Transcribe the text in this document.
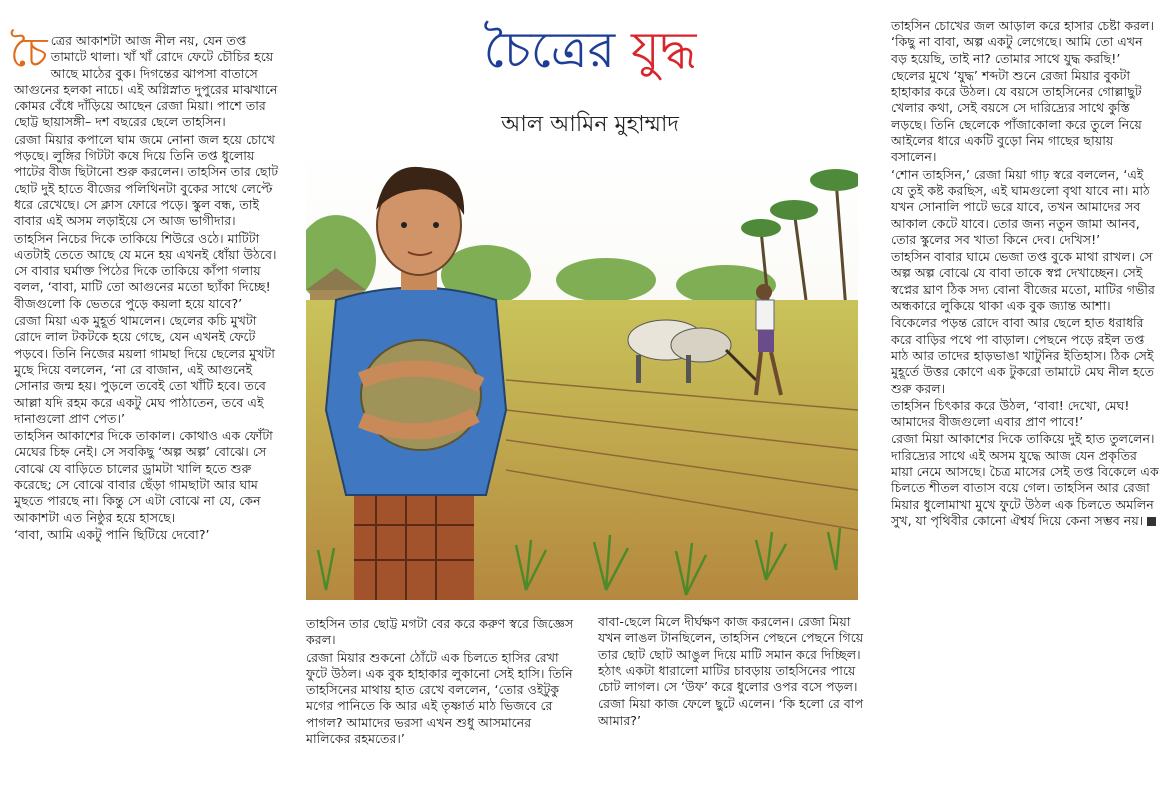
চৈত্রের আকাশটা আজ নীল নয়, যেন তপ্ত তামাটে থালা। খাঁ খাঁ রোদে ফেটে চৌচির হয়ে আছে মাঠের বুক। দিগন্তের ঝাপসা বাতাসে আগুনের হলকা নাচে। এই অগ্নিস্নাত দুপুরের মাঝখানে কোমর বেঁধে দাঁড়িয়ে আছেন রেজা মিয়া। পাশে তার ছোট্ট ছায়াসঙ্গী– দশ বছরের ছেলে তাহসিন।

রেজা মিয়ার কপালে ঘাম জমে নোনা জল হয়ে চোখে পড়ছে। লুঙ্গির গিটটা কষে দিয়ে তিনি তপ্ত ধুলোয় পাটের বীজ ছিটানো শুরু করলেন। তাহসিন তার ছোট ছোট দুই হাতে বীজের পলিথিনটা বুকের সাথে লেপ্টে ধরে রেখেছে। সে ক্লাস ফোরে পড়ে। স্কুল বন্ধ, তাই বাবার এই অসম লড়াইয়ে সে আজ ভাগীদার।

তাহসিন নিচের দিকে তাকিয়ে শিউরে ওঠে। মাটিটা এতটাই তেতে আছে যে মনে হয় এখনই ধোঁয়া উঠবে। সে বাবার ঘর্মাক্ত পিঠের দিকে তাকিয়ে কাঁপা গলায় বলল, ‘বাবা, মাটি তো আগুনের মতো ছ্যাঁকা দিচ্ছে! বীজগুলো কি ভেতরে পুড়ে কয়লা হয়ে যাবে?’

রেজা মিয়া এক মুহূর্ত থামলেন। ছেলের কচি মুখটা রোদে লাল টকটকে হয়ে গেছে, যেন এখনই ফেটে পড়বে। তিনি নিজের ময়লা গামছা দিয়ে ছেলের মুখটা মুছে দিয়ে বললেন, ‘না রে বাজান, এই আগুনেই সোনার জন্ম হয়। পুড়লে তবেই তো খাঁটি হবে। তবে আল্লা যদি রহম করে একটু মেঘ পাঠাতেন, তবে এই দানাগুলো প্রাণ পেত।’

তাহসিন আকাশের দিকে তাকাল। কোথাও এক ফোঁটা মেঘের চিহ্ন নেই। সে সবকিছু ‘অল্প অল্প’ বোঝে। সে বোঝে যে বাড়িতে চালের ড্রামটা খালি হতে শুরু করেছে; সে বোঝে বাবার ছেঁড়া গামছাটা আর ঘাম মুছতে পারছে না। কিন্তু সে এটা বোঝে না যে, কেন আকাশটা এত নিষ্ঠুর হয়ে হাসছে।

‘বাবা, আমি একটু পানি ছিটিয়ে দেবো?’

চৈত্রের যুদ্ধ
আল আমিন মুহাম্মাদ

তাহসিন তার ছোট্ট মগটা বের করে করুণ স্বরে জিজ্ঞেস করল।

রেজা মিয়ার শুকনো ঠোঁটে এক চিলতে হাসির রেখা ফুটে উঠল। এক বুক হাহাকার লুকানো সেই হাসি। তিনি তাহসিনের মাথায় হাত রেখে বললেন, ‘তোর ওইটুকু মগের পানিতে কি আর এই তৃষ্ণার্ত মাঠ ভিজবে রে পাগল? আমাদের ভরসা এখন শুধু আসমানের মালিকের রহমতের।’

বাবা-ছেলে মিলে দীর্ঘক্ষণ কাজ করলেন। রেজা মিয়া যখন লাঙল টানছিলেন, তাহসিন পেছনে পেছনে গিয়ে তার ছোট ছোট আঙুল দিয়ে মাটি সমান করে দিচ্ছিল। হঠাৎ একটা ধারালো মাটির চাবড়ায় তাহসিনের পায়ে চোট লাগল। সে ‘উফ’ করে ধুলোর ওপর বসে পড়ল।

রেজা মিয়া কাজ ফেলে ছুটে এলেন। ‘কি হলো রে বাপ আমার?’

তাহসিন চোখের জল আড়াল করে হাসার চেষ্টা করল। ‘কিছু না বাবা, অল্প একটু লেগেছে। আমি তো এখন বড় হয়েছি, তাই না? তোমার সাথে যুদ্ধ করছি!’

ছেলের মুখে ‘যুদ্ধ’ শব্দটা শুনে রেজা মিয়ার বুকটা হাহাকার করে উঠল। যে বয়সে তাহসিনের গোল্লাছুট খেলার কথা, সেই বয়সে সে দারিদ্র্যের সাথে কুস্তি লড়ছে। তিনি ছেলেকে পাঁজাকোলা করে তুলে নিয়ে আইলের ধারে একটি বুড়ো নিম গাছের ছায়ায় বসালেন।

‘শোন তাহসিন,’ রেজা মিয়া গাঢ় স্বরে বললেন, ‘এই যে তুই কষ্ট করছিস, এই ঘামগুলো বৃথা যাবে না। মাঠ যখন সোনালি পাটে ভরে যাবে, তখন আমাদের সব আকাল কেটে যাবে। তোর জন্য নতুন জামা আনব, তোর স্কুলের সব খাতা কিনে দেব। দেখিস!’

তাহসিন বাবার ঘামে ভেজা তপ্ত বুকে মাথা রাখল। সে অল্প অল্প বোঝে যে বাবা তাকে স্বপ্ন দেখাচ্ছেন। সেই স্বপ্নের ঘ্রাণ ঠিক সদ্য বোনা বীজের মতো, মাটির গভীর অন্ধকারে লুকিয়ে থাকা এক বুক জ্যান্ত আশা।

বিকেলের পড়ন্ত রোদে বাবা আর ছেলে হাত ধরাধরি করে বাড়ির পথে পা বাড়াল। পেছনে পড়ে রইল তপ্ত মাঠ আর তাদের হাড়ভাঙা খাটুনির ইতিহাস। ঠিক সেই মুহূর্তে উত্তর কোণে এক টুকরো তামাটে মেঘ নীল হতে শুরু করল।

তাহসিন চিৎকার করে উঠল, ‘বাবা! দেখো, মেঘ! আমাদের বীজগুলো এবার প্রাণ পাবে!’

রেজা মিয়া আকাশের দিকে তাকিয়ে দুই হাত তুললেন। দারিদ্র্যের সাথে এই অসম যুদ্ধে আজ যেন প্রকৃতির মায়া নেমে আসছে। চৈত্র মাসের সেই তপ্ত বিকেলে এক চিলতে শীতল বাতাস বয়ে গেল। তাহসিন আর রেজা মিয়ার ধুলোমাখা মুখে ফুটে উঠল এক চিলতে অমলিন সুখ, যা পৃথিবীর কোনো ঐশ্বর্য দিয়ে কেনা সম্ভব নয়।
